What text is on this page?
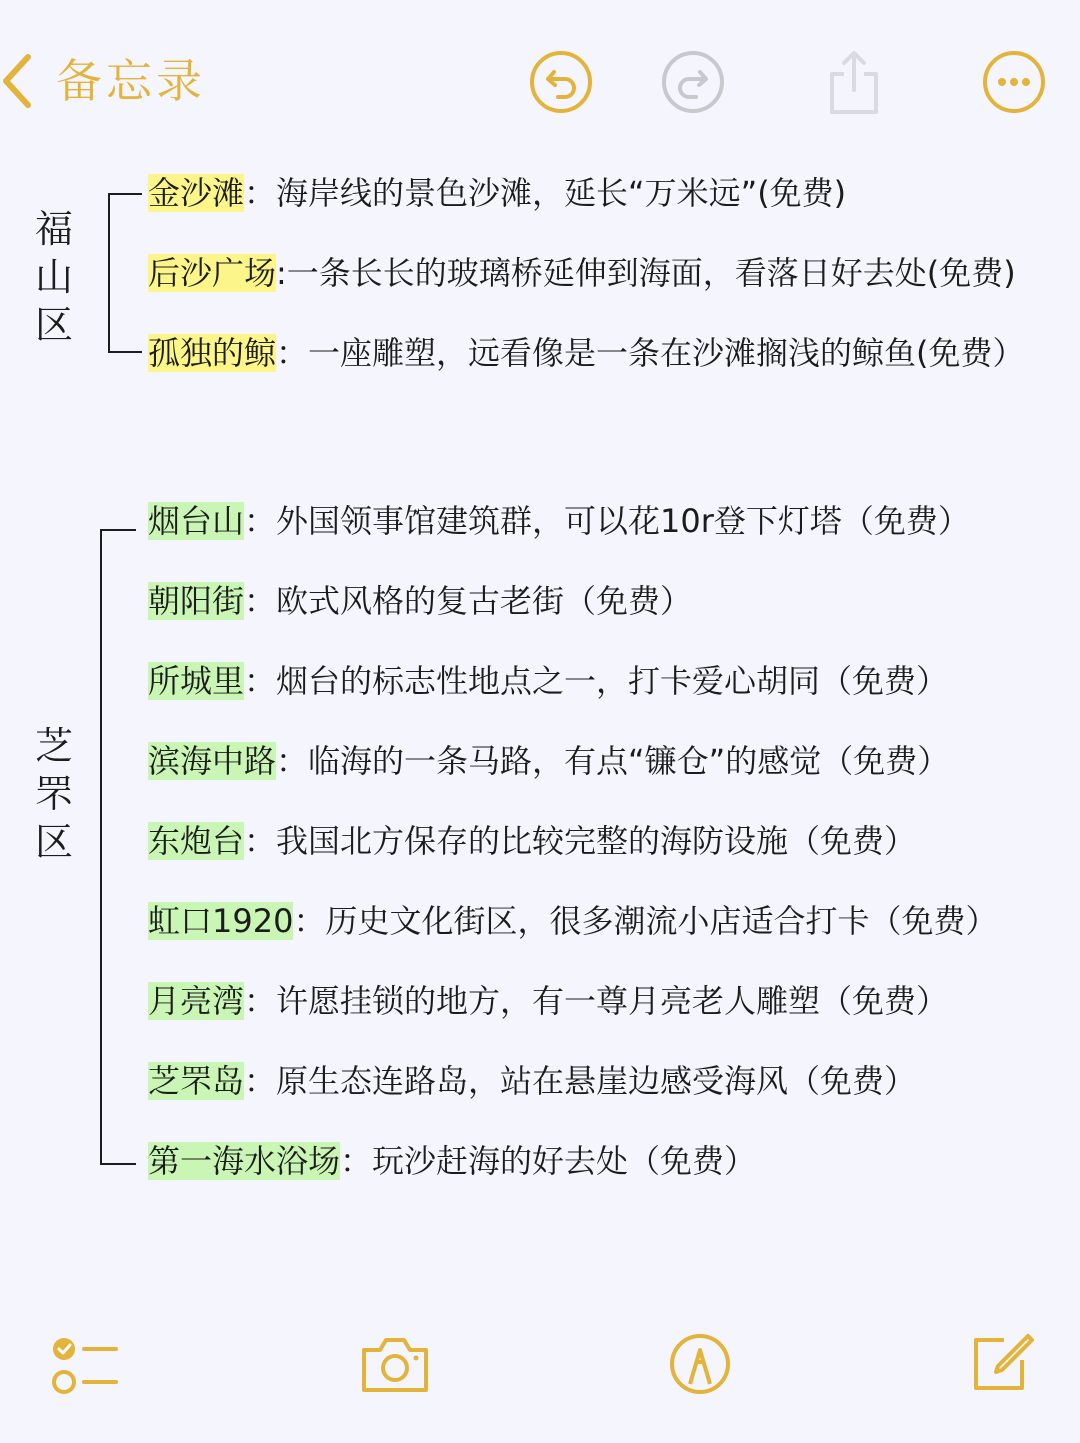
备忘录
福
山
区
金沙滩：海岸线的景色沙滩，延长“万米远”(免费)
后沙广场:一条长长的玻璃桥延伸到海面，看落日好去处(免费)
孤独的鲸：一座雕塑，远看像是一条在沙滩搁浅的鲸鱼(免费）
芝
罘
区
烟台山：外国领事馆建筑群，可以花10r登下灯塔（免费）
朝阳街：欧式风格的复古老街（免费）
所城里：烟台的标志性地点之一，打卡爱心胡同（免费）
滨海中路：临海的一条马路，有点“镰仓”的感觉（免费）
东炮台：我国北方保存的比较完整的海防设施（免费）
虹口1920：历史文化街区，很多潮流小店适合打卡（免费）
月亮湾：许愿挂锁的地方，有一尊月亮老人雕塑（免费）
芝罘岛：原生态连路岛，站在悬崖边感受海风（免费）
第一海水浴场：玩沙赶海的好去处（免费）
